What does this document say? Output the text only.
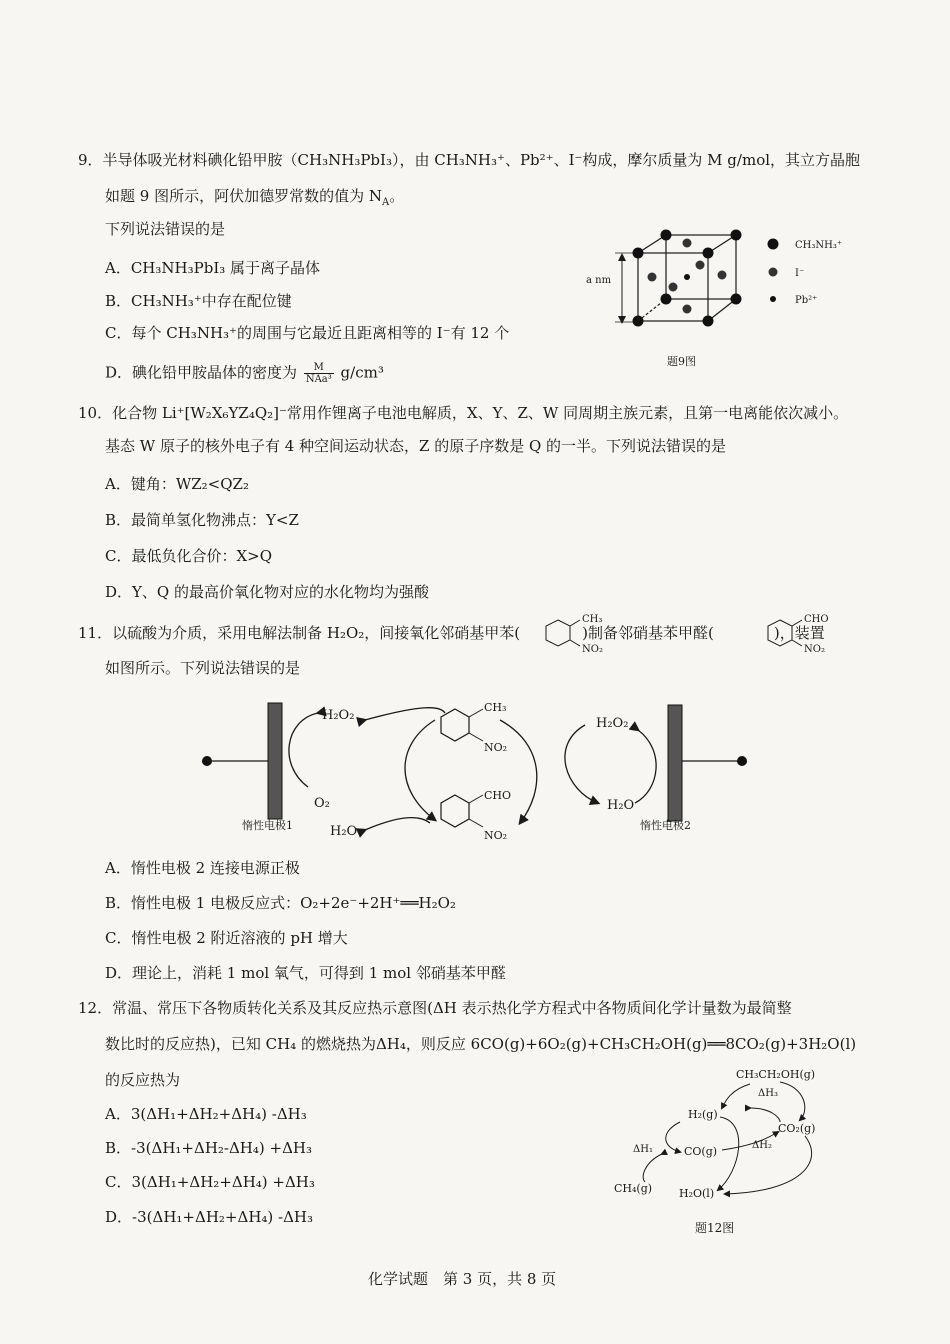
9．半导体吸光材料碘化铅甲胺（CH₃NH₃PbI₃），由 CH₃NH₃⁺、Pb²⁺、I⁻构成，摩尔质量为 M g/mol，其立方晶胞
如题 9 图所示，阿伏加德罗常数的值为 $N_A$。
下列说法错误的是
A．CH₃NH₃PbI₃ 属于离子晶体
B．CH₃NH₃⁺中存在配位键
C．每个 CH₃NH₃⁺的周围与它最近且距离相等的 I⁻有 12 个
D．碘化铅甲胺晶体的密度为	M
NAa³ g/cm³
a nm
CH₃NH₃⁺
I⁻
Pb²⁺
题9图
10．化合物 Li⁺[W₂X₆YZ₄Q₂]⁻常用作锂离子电池电解质，X、Y、Z、W 同周期主族元素，且第一电离能依次减小。
基态 W 原子的核外电子有 4 种空间运动状态，Z 的原子序数是 Q 的一半。下列说法错误的是
A．键角：WZ₂<QZ₂
B．最简单氢化物沸点：Y<Z
C．最低负化合价：X>Q
D．Y、Q 的最高价氧化物对应的水化物均为强酸
11．以硫酸为介质，采用电解法制备 H₂O₂，间接氧化邻硝基甲苯(	)制备邻硝基苯甲醛(	)，装置
CH₃
NO₂
CHO
NO₂
如图所示。下列说法错误的是
H₂O₂
O₂
H₂O
CH₃
NO₂
CHO
NO₂
H₂O₂
H₂O
惰性电极1	惰性电极2
A．惰性电极 2 连接电源正极
B．惰性电极 1 电极反应式：O₂+2e⁻+2H⁺══H₂O₂
C．惰性电极 2 附近溶液的 pH 增大
D．理论上，消耗 1 mol 氧气，可得到 1 mol 邻硝基苯甲醛
12．常温、常压下各物质转化关系及其反应热示意图(ΔH 表示热化学方程式中各物质间化学计量数为最简整
数比时的反应热)，已知 CH₄ 的燃烧热为ΔH₄，则反应 6CO(g)+6O₂(g)+CH₃CH₂OH(g)══8CO₂(g)+3H₂O(l)
的反应热为
A．3(ΔH₁+ΔH₂+ΔH₄) -ΔH₃
B．-3(ΔH₁+ΔH₂-ΔH₄) +ΔH₃
C．3(ΔH₁+ΔH₂+ΔH₄) +ΔH₃
D．-3(ΔH₁+ΔH₂+ΔH₄) -ΔH₃
CH₃CH₂OH(g)
ΔH₃
H₂(g)
CO₂(g)
ΔH₂
ΔH₁	CO(g)
CH₄(g) H₂O(l)
题12图
化学试题　第 3 页，共 8 页
